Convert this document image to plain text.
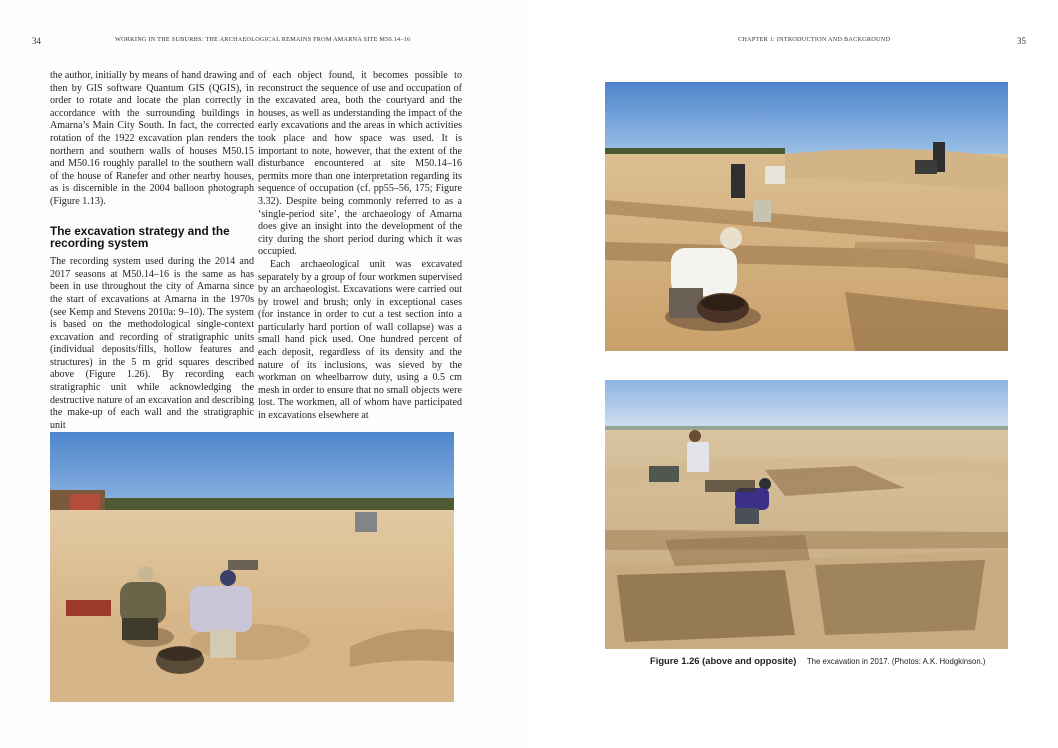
34	WORKING IN THE SUBURBS: THE ARCHAEOLOGICAL REMAINS FROM AMARNA SITE M50.14–16

the author, initially by means of hand drawing and then by GIS software Quantum GIS (QGIS), in order to rotate and locate the plan correctly in accordance with the surrounding buildings in Amarna’s Main City South. In fact, the corrected rotation of the 1922 excavation plan renders the northern and southern walls of houses M50.15 and M50.16 roughly parallel to the southern wall of the house of Ranefer and other nearby houses, as is discernible in the 2004 balloon photograph (Figure 1.13).

The excavation strategy and the recording system

The recording system used during the 2014 and 2017 seasons at M50.14–16 is the same as has been in use throughout the city of Amarna since the start of excavations at Amarna in the 1970s (see Kemp and Stevens 2010a: 9–10). The system is based on the methodological single-context excavation and recording of stratigraphic units (individual deposits/fills, hollow features and structures) in the 5 m grid squares described above (Figure 1.26). By recording each stratigraphic unit while acknowledging the destructive nature of an excavation and describing the make-up of each wall and the stratigraphic unit

of each object found, it becomes possible to reconstruct the sequence of use and occupation of the excavated area, both the courtyard and the houses, as well as understanding the impact of the early excavations and the areas in which activities took place and how space was used. It is important to note, however, that the extent of the disturbance encountered at site M50.14–16 permits more than one interpretation regarding its sequence of occupation (cf. pp55–56, 175; Figure 3.32). Despite being commonly referred to as a ‘single-period site’, the archaeology of Amarna does give an insight into the development of the city during the short period during which it was occupied.

Each archaeological unit was excavated separately by a group of four workmen supervised by an archaeologist. Excavations were carried out by trowel and brush; only in exceptional cases (for instance in order to cut a test section into a particularly hard portion of wall collapse) was a small hand pick used. One hundred percent of each deposit, regardless of its density and the nature of its inclusions, was sieved by the workman on wheelbarrow duty, using a 0.5 cm mesh in order to ensure that no small objects were lost. The workmen, all of whom have participated in excavations elsewhere at

CHAPTER 1: INTRODUCTION AND BACKGROUND	35
Figure 1.26 (above and opposite) The excavation in 2017. (Photos: A.K. Hodgkinson.)
